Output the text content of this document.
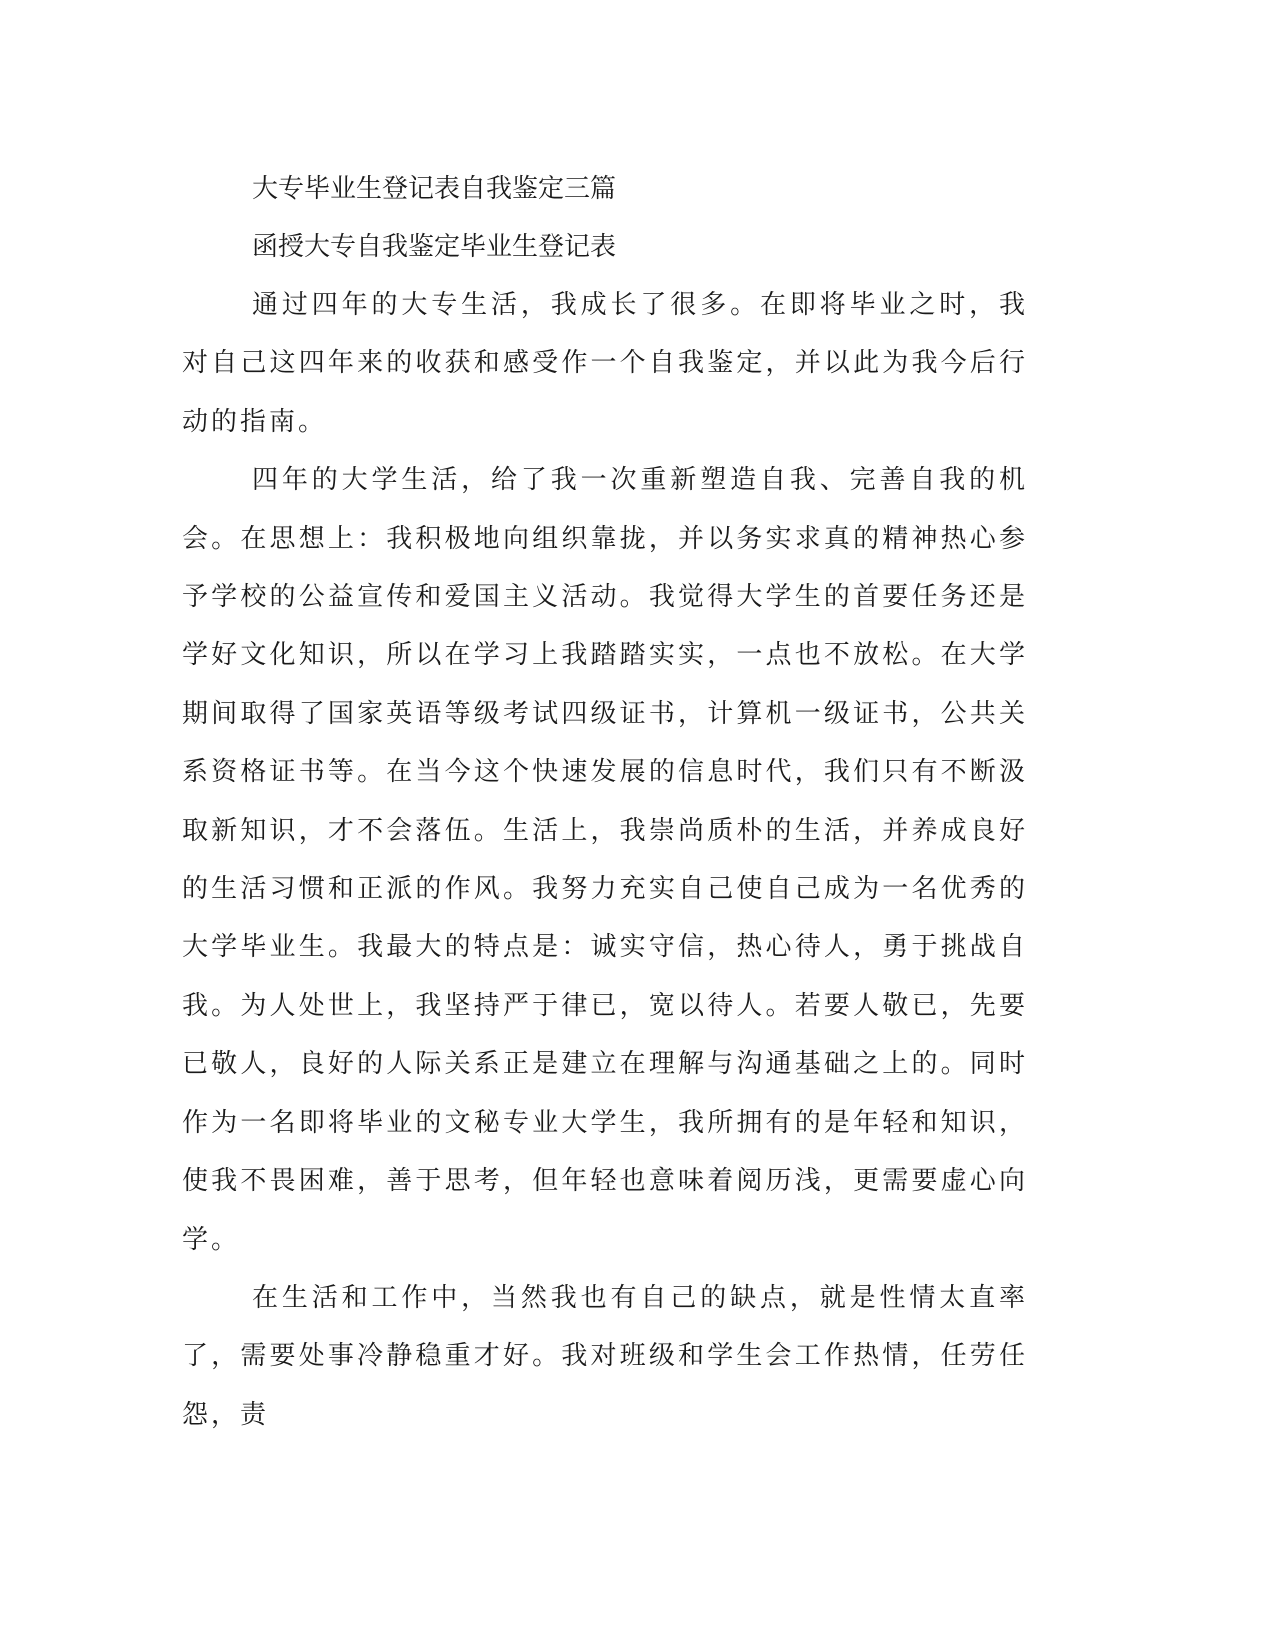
大专毕业生登记表自我鉴定三篇
函授大专自我鉴定毕业生登记表

通过四年的大专生活，我成长了很多。在即将毕业之时，我对自己这四年来的收获和感受作一个自我鉴定，并以此为我今后行动的指南。

四年的大学生活，给了我一次重新塑造自我、完善自我的机会。在思想上：我积极地向组织靠拢，并以务实求真的精神热心参予学校的公益宣传和爱国主义活动。我觉得大学生的首要任务还是学好文化知识，所以在学习上我踏踏实实，一点也不放松。在大学期间取得了国家英语等级考试四级证书，计算机一级证书，公共关系资格证书等。在当今这个快速发展的信息时代，我们只有不断汲取新知识，才不会落伍。生活上，我崇尚质朴的生活，并养成良好的生活习惯和正派的作风。我努力充实自己使自己成为一名优秀的大学毕业生。我最大的特点是：诚实守信，热心待人，勇于挑战自我。为人处世上，我坚持严于律已，宽以待人。若要人敬已，先要已敬人，良好的人际关系正是建立在理解与沟通基础之上的。同时作为一名即将毕业的文秘专业大学生，我所拥有的是年轻和知识，使我不畏困难，善于思考，但年轻也意味着阅历浅，更需要虚心向学。

在生活和工作中，当然我也有自己的缺点，就是性情太直率了，需要处事冷静稳重才好。我对班级和学生会工作热情，任劳任怨，责
